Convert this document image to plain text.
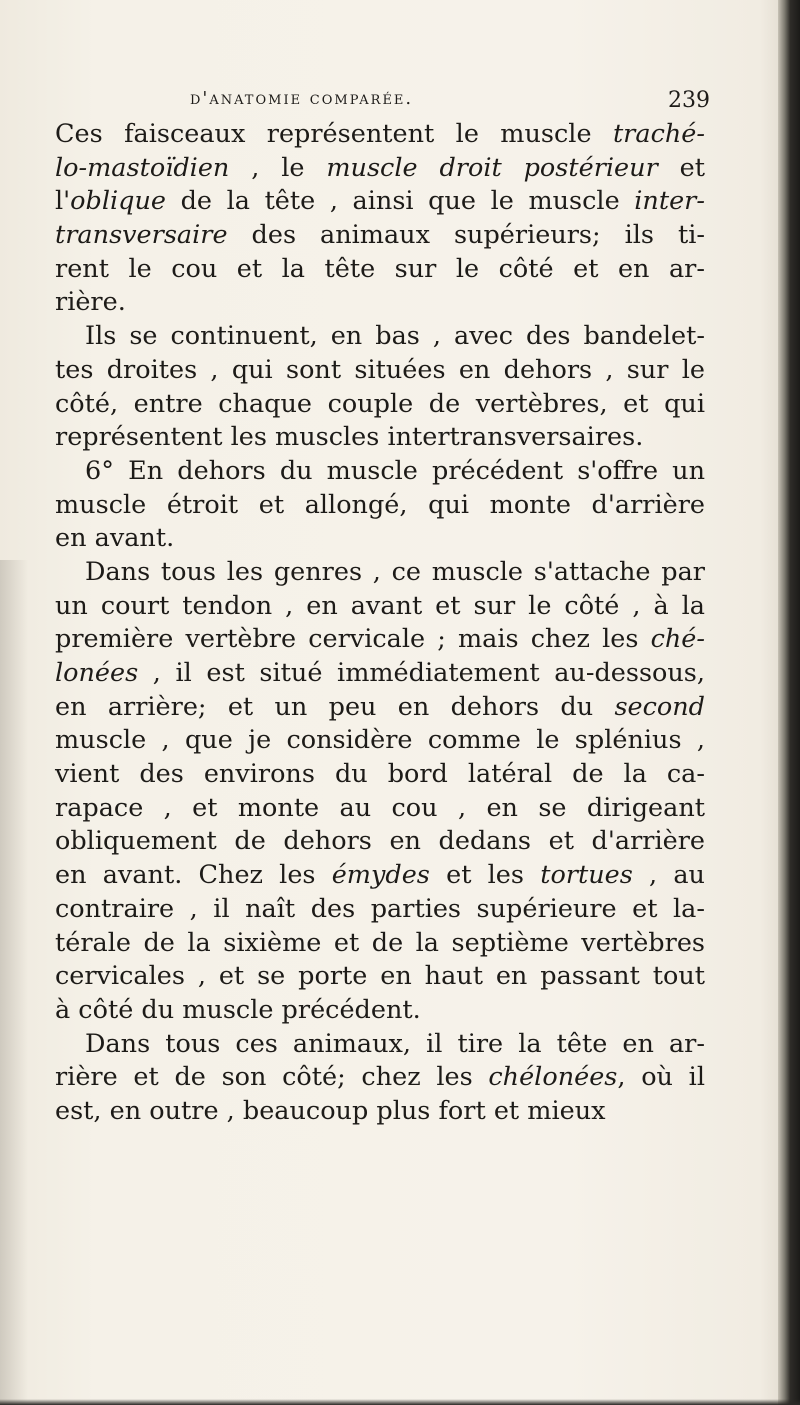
d'anatomie comparée.	239
Ces faisceaux représentent le muscle traché-
lo-mastoïdien , le muscle droit postérieur et
l'oblique de la tête , ainsi que le muscle inter-
transversaire des animaux supérieurs; ils ti-
rent le cou et la tête sur le côté et en ar-
rière.
Ils se continuent, en bas , avec des bandelet-
tes droites , qui sont situées en dehors , sur le
côté, entre chaque couple de vertèbres, et qui
représentent les muscles intertransversaires.
6° En dehors du muscle précédent s'offre un
muscle étroit et allongé, qui monte d'arrière
en avant.
Dans tous les genres , ce muscle s'attache par
un court tendon , en avant et sur le côté , à la
première vertèbre cervicale ; mais chez les ché-
lonées , il est situé immédiatement au-dessous,
en arrière; et un peu en dehors du second
muscle , que je considère comme le splénius ,
vient des environs du bord latéral de la ca-
rapace , et monte au cou , en se dirigeant
obliquement de dehors en dedans et d'arrière
en avant. Chez les émydes et les tortues , au
contraire , il naît des parties supérieure et la-
térale de la sixième et de la septième vertèbres
cervicales , et se porte en haut en passant tout
à côté du muscle précédent.
Dans tous ces animaux, il tire la tête en ar-
rière et de son côté; chez les chélonées, où il
est, en outre , beaucoup plus fort et mieux
